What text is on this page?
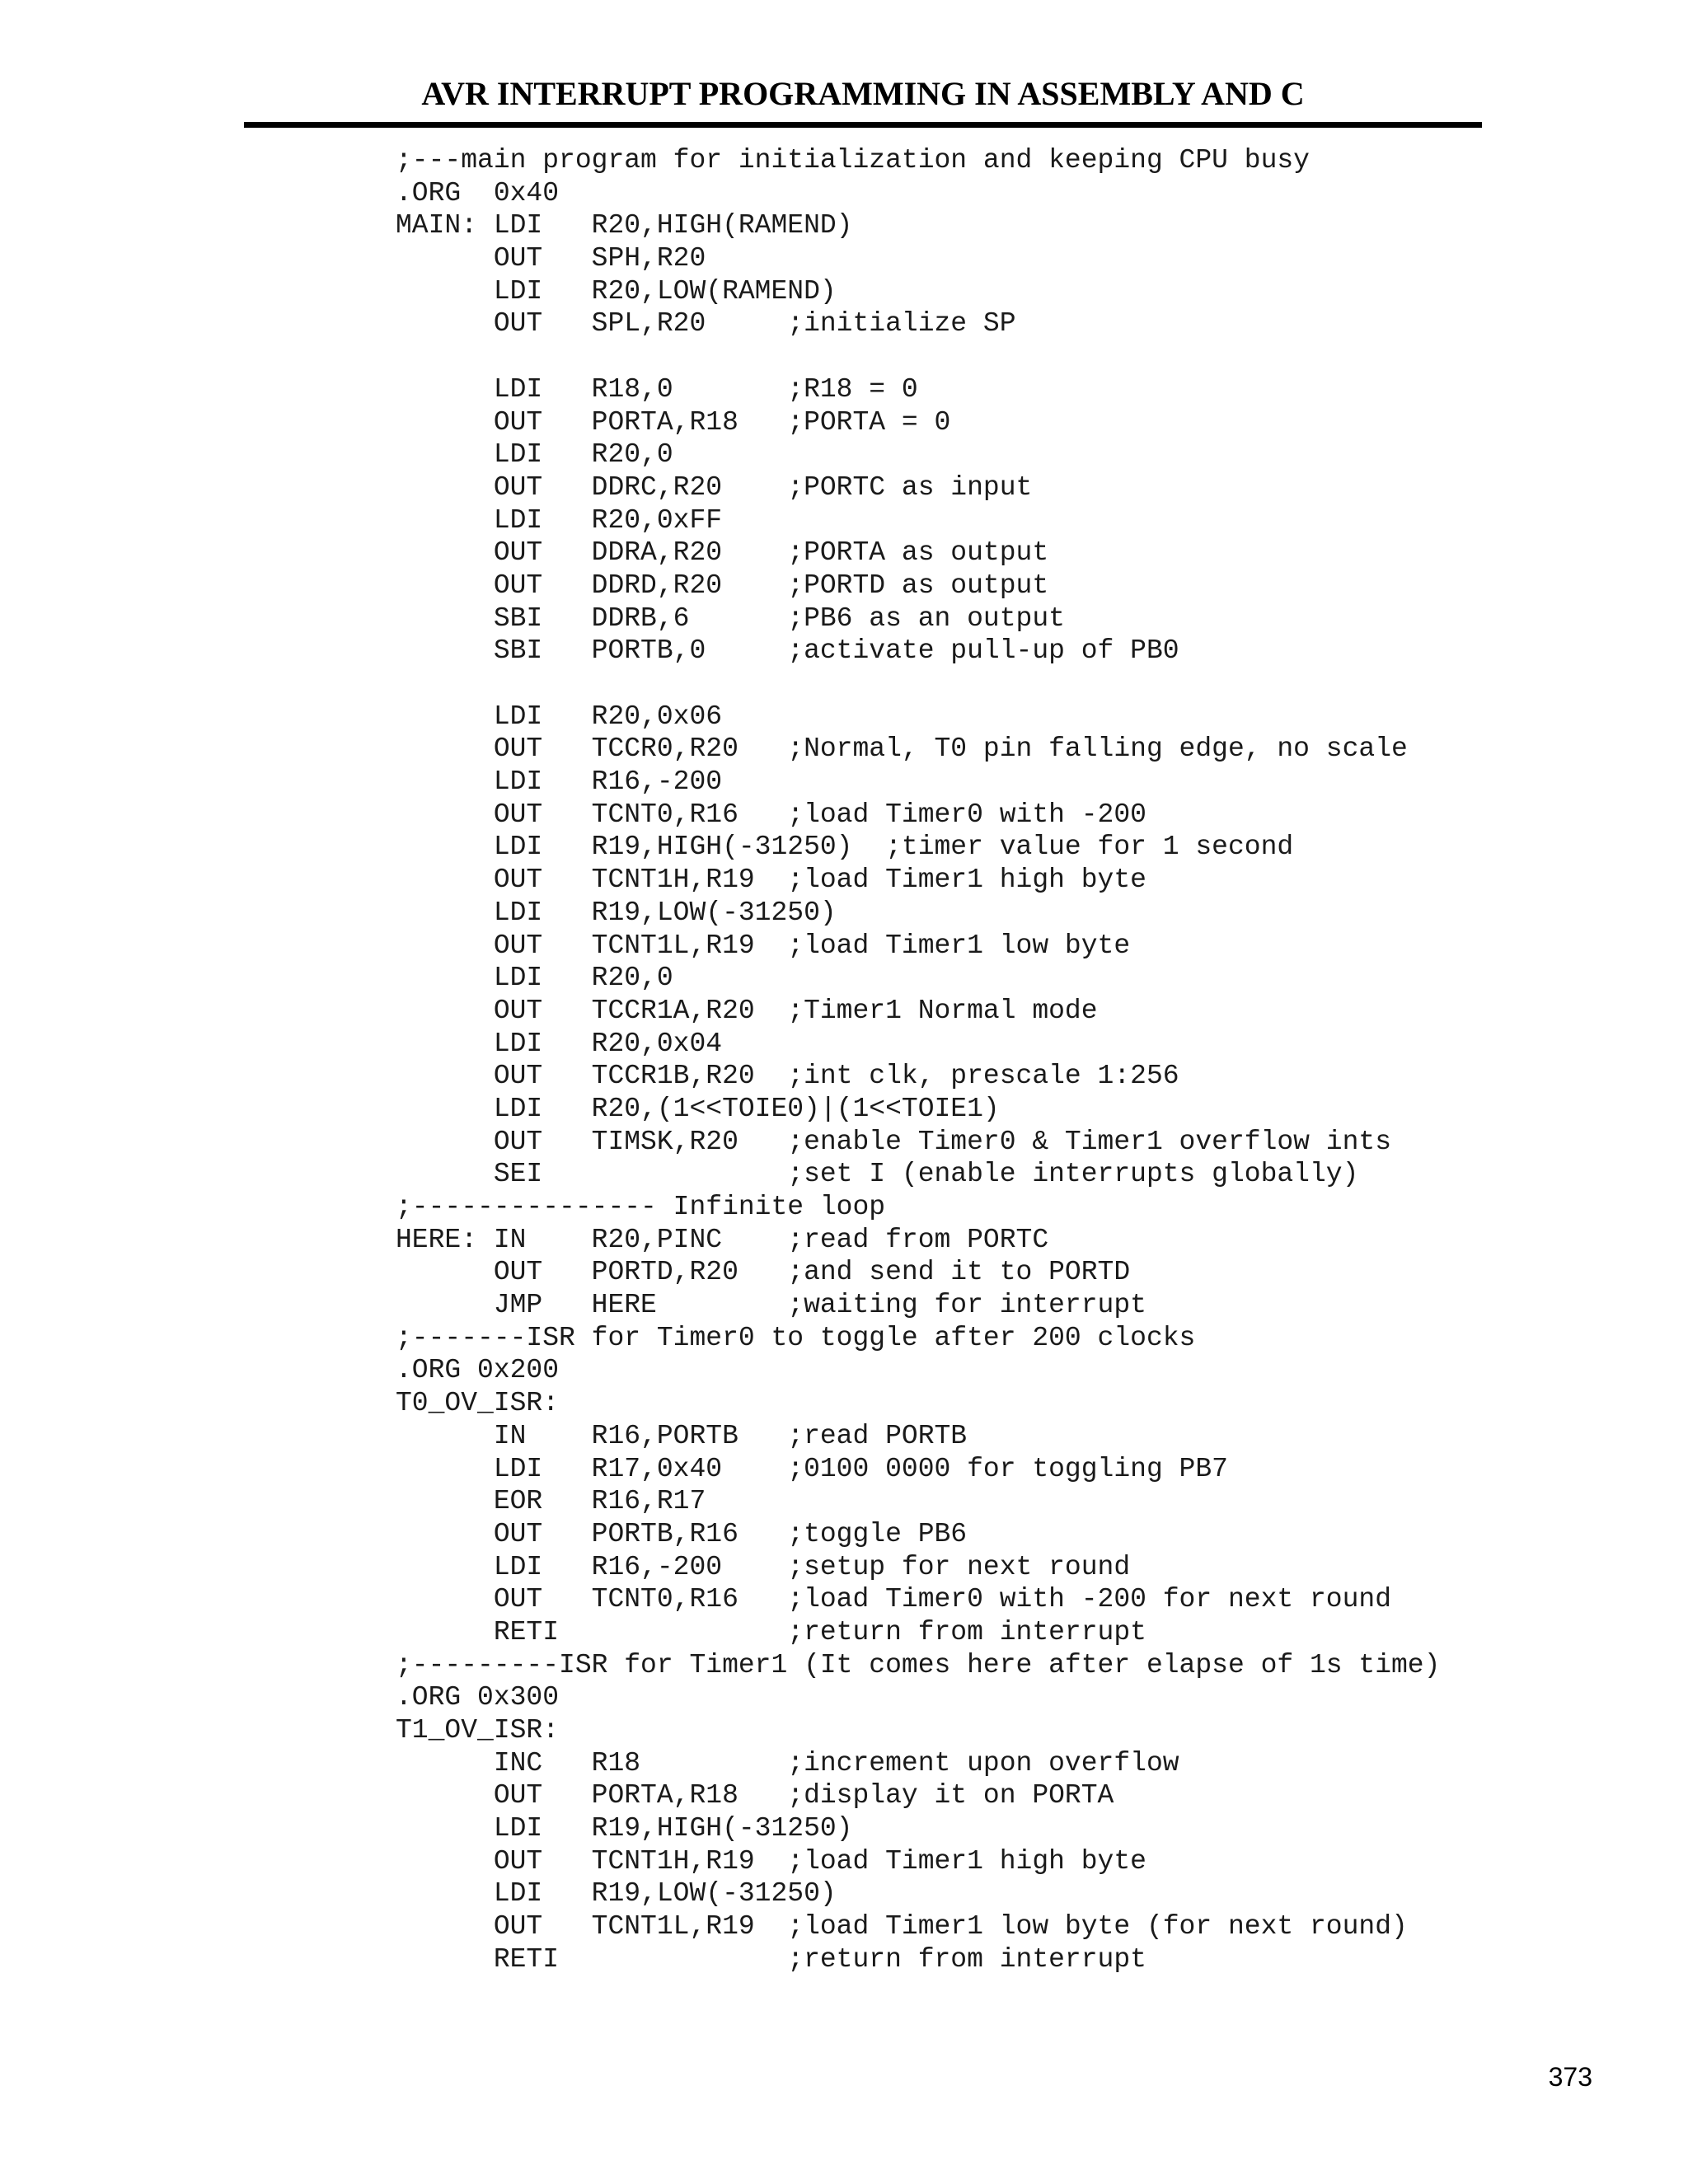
AVR INTERRUPT PROGRAMMING IN ASSEMBLY AND C
;---main program for initialization and keeping CPU busy
.ORG  0x40
MAIN: LDI   R20,HIGH(RAMEND)
OUT   SPH,R20
LDI   R20,LOW(RAMEND)
OUT   SPL,R20     ;initialize SP
LDI   R18,0       ;R18 = 0
OUT   PORTA,R18   ;PORTA = 0
LDI   R20,0
OUT   DDRC,R20    ;PORTC as input
LDI   R20,0xFF
OUT   DDRA,R20    ;PORTA as output
OUT   DDRD,R20    ;PORTD as output
SBI   DDRB,6      ;PB6 as an output
SBI   PORTB,0     ;activate pull-up of PB0
LDI   R20,0x06
OUT   TCCR0,R20   ;Normal, T0 pin falling edge, no scale
LDI   R16,-200
OUT   TCNT0,R16   ;load Timer0 with -200
LDI   R19,HIGH(-31250)  ;timer value for 1 second
OUT   TCNT1H,R19  ;load Timer1 high byte
LDI   R19,LOW(-31250)
OUT   TCNT1L,R19  ;load Timer1 low byte
LDI   R20,0
OUT   TCCR1A,R20  ;Timer1 Normal mode
LDI   R20,0x04
OUT   TCCR1B,R20  ;int clk, prescale 1:256
LDI   R20,(1<<TOIE0)|(1<<TOIE1)
OUT   TIMSK,R20   ;enable Timer0 & Timer1 overflow ints
SEI               ;set I (enable interrupts globally)
;--------------- Infinite loop
HERE: IN    R20,PINC    ;read from PORTC
OUT   PORTD,R20   ;and send it to PORTD
JMP   HERE        ;waiting for interrupt
;-------ISR for Timer0 to toggle after 200 clocks
.ORG 0x200
T0_OV_ISR:
IN    R16,PORTB   ;read PORTB
LDI   R17,0x40    ;0100 0000 for toggling PB7
EOR   R16,R17
OUT   PORTB,R16   ;toggle PB6
LDI   R16,-200    ;setup for next round
OUT   TCNT0,R16   ;load Timer0 with -200 for next round
RETI              ;return from interrupt
;---------ISR for Timer1 (It comes here after elapse of 1s time)
.ORG 0x300
T1_OV_ISR:
INC   R18         ;increment upon overflow
OUT   PORTA,R18   ;display it on PORTA
LDI   R19,HIGH(-31250)
OUT   TCNT1H,R19  ;load Timer1 high byte
LDI   R19,LOW(-31250)
OUT   TCNT1L,R19  ;load Timer1 low byte (for next round)
RETI              ;return from interrupt
373
